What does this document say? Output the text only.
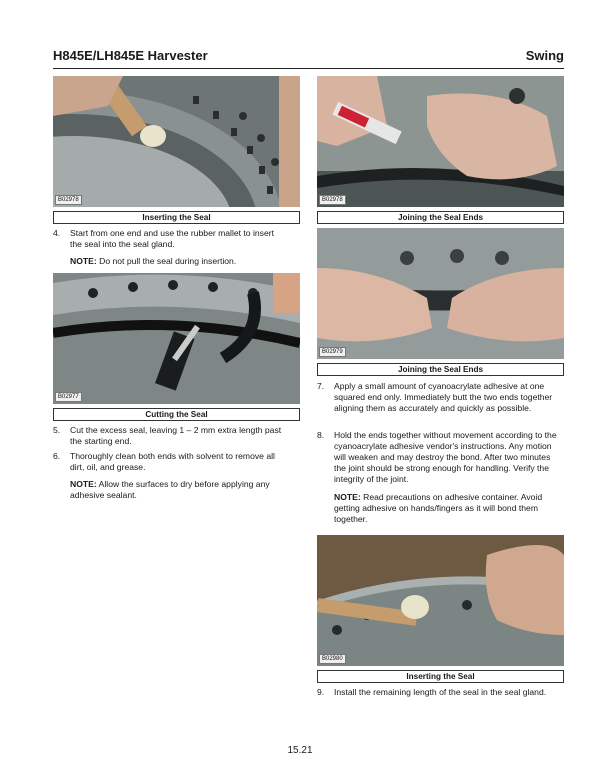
H845E/LH845E Harvester	Swing
B02978
Inserting the Seal
B02978
Joining the Seal Ends
4. Start from one end and use the rubber mallet to insert the seal into the seal gland.
NOTE: Do not pull the seal during insertion.
B02977
Cutting the Seal
5. Cut the excess seal, leaving 1 – 2 mm extra length past the starting end.
6. Thoroughly clean both ends with solvent to remove all dirt, oil, and grease.
NOTE: Allow the surfaces to dry before applying any adhesive sealant.
B02979
Joining the Seal Ends
7. Apply a small amount of cyanoacrylate adhesive at one squared end only. Immediately butt the two ends together aligning them as accurately and quickly as possible.
8. Hold the ends together without movement according to the cyanoacrylate adhesive vendor's instructions. Any motion will weaken and may destroy the bond. After two minutes the joint should be strong enough for handling. Verify the integrity of the joint.
NOTE: Read precautions on adhesive container. Avoid getting adhesive on hands/fingers as it will bond them together.
B02980
Inserting the Seal
9. Install the remaining length of the seal in the seal gland.
15.21
